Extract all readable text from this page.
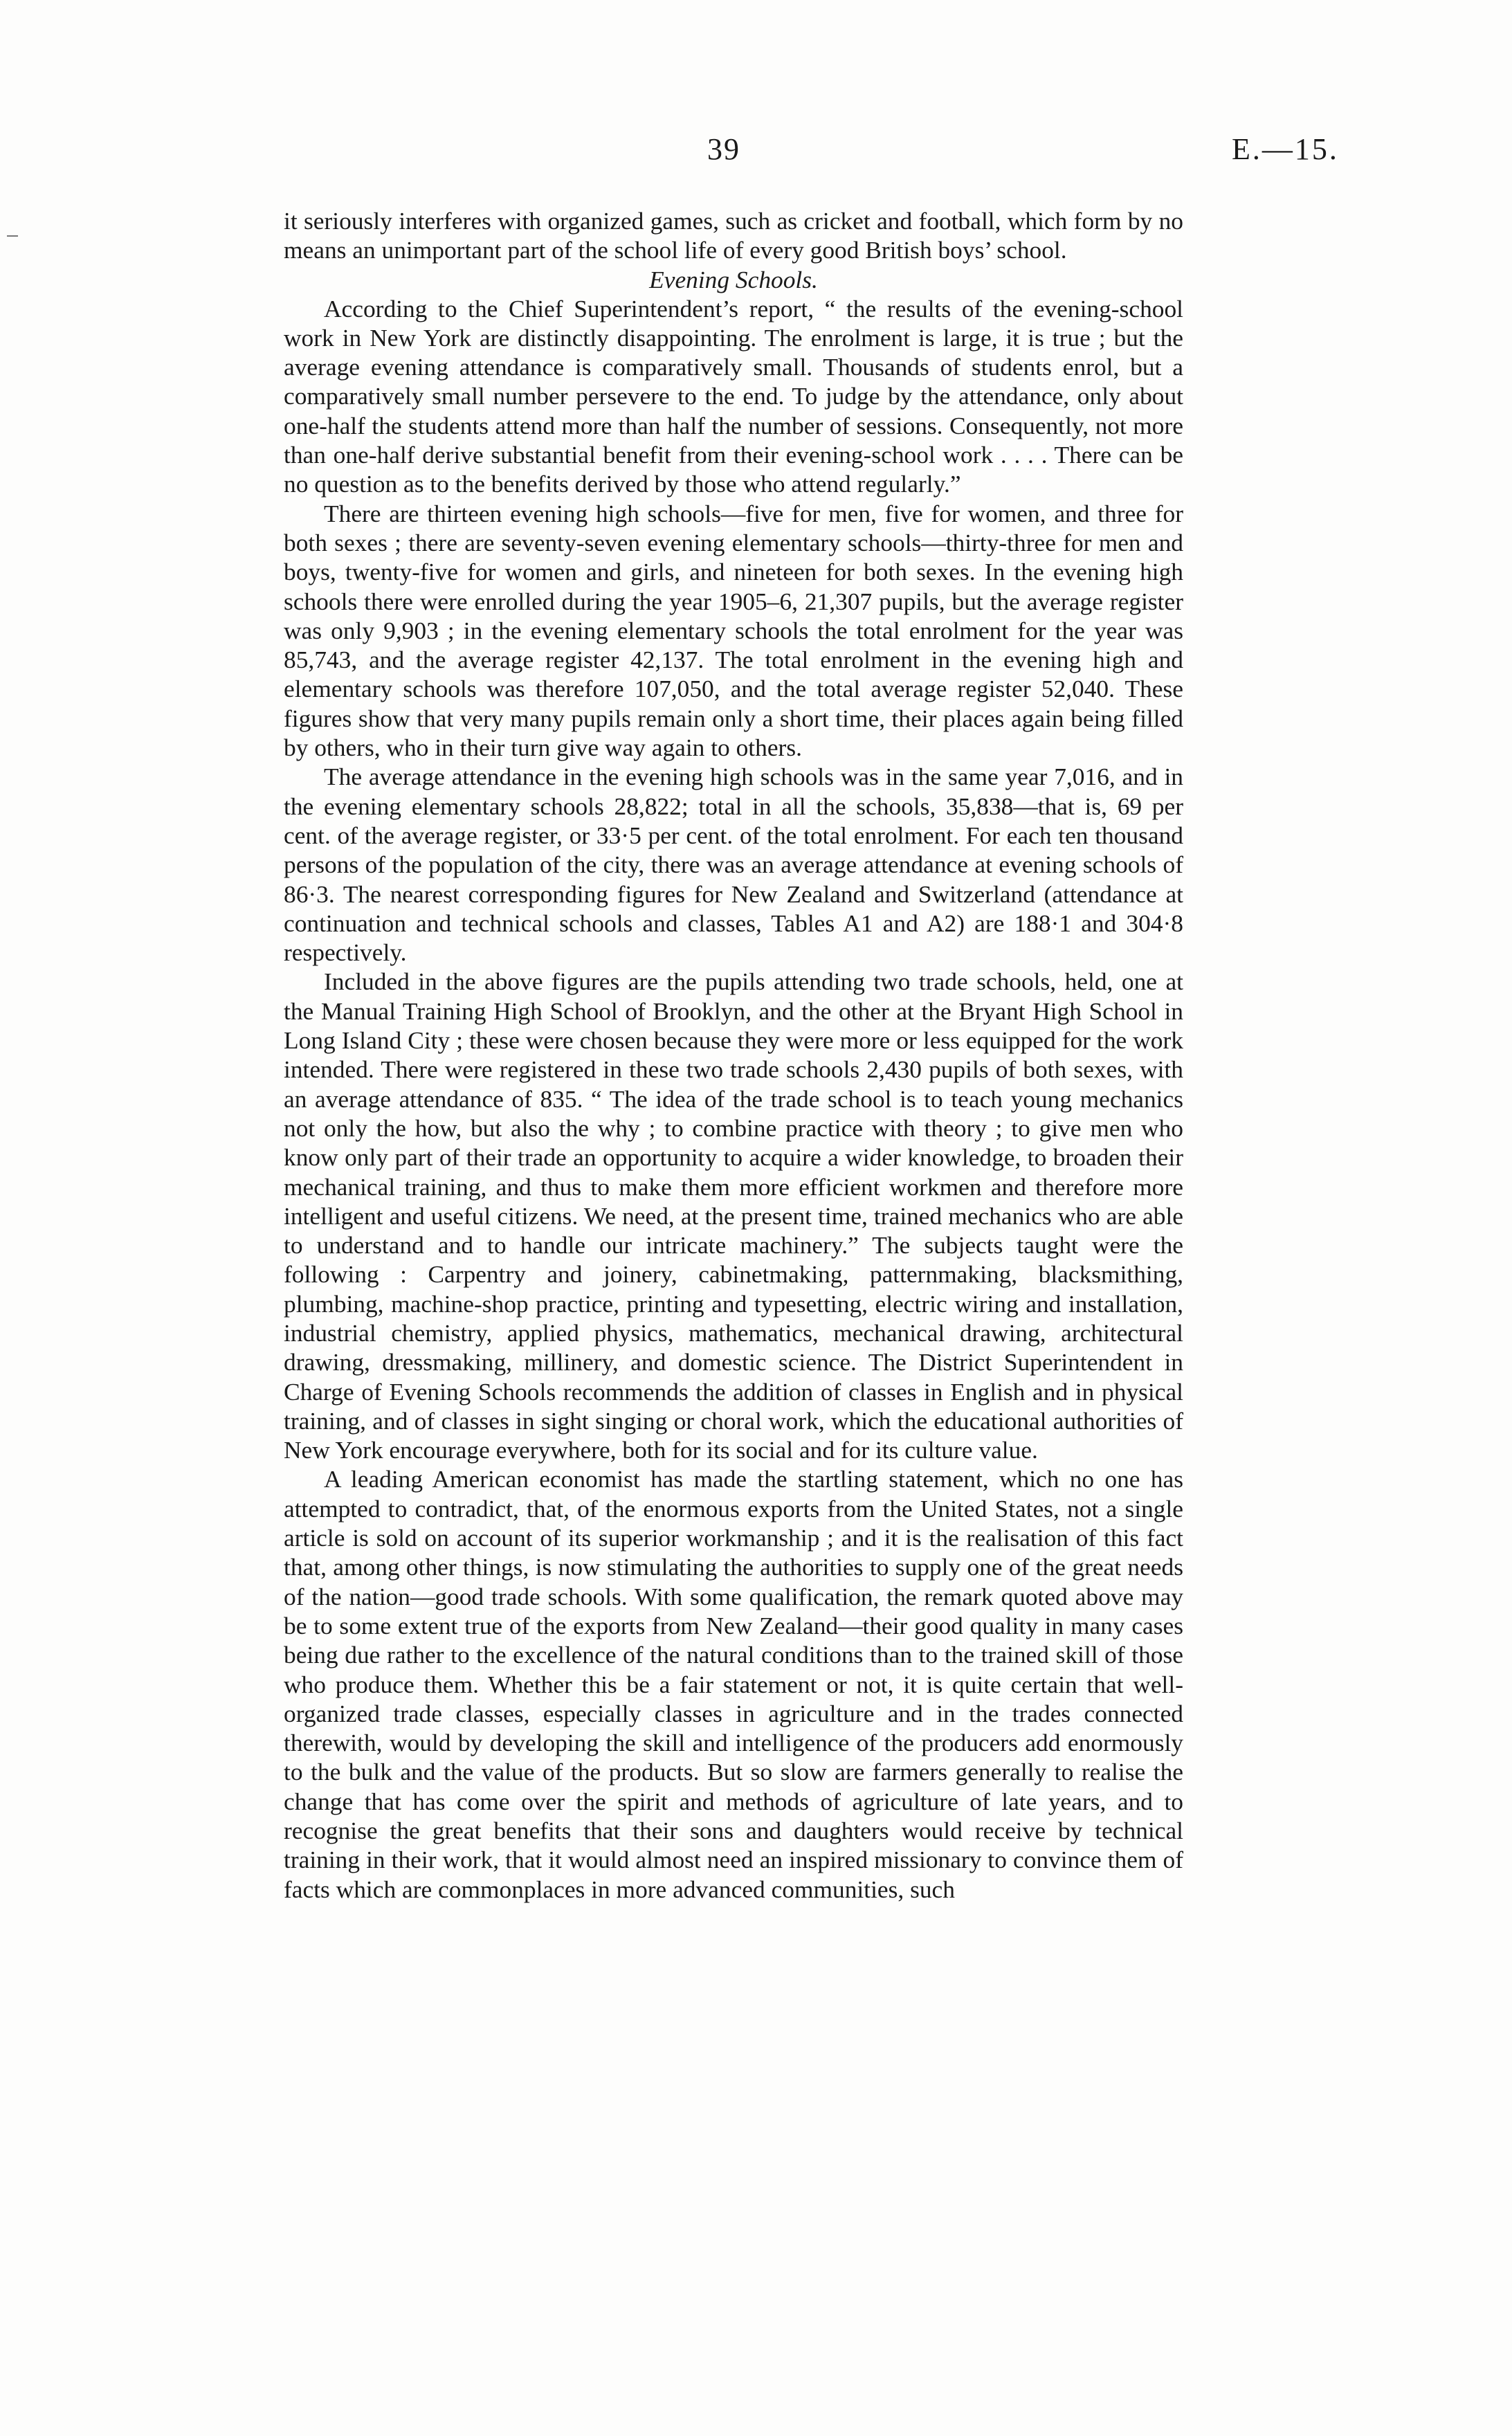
39	E.—15.

it seriously interferes with organized games, such as cricket and football, which form by no means an unimportant part of the school life of every good British boys’ school.

Evening Schools.

According to the Chief Superintendent’s report, “ the results of the evening-school work in New York are distinctly disappointing. The enrolment is large, it is true ; but the average evening attendance is comparatively small. Thousands of students enrol, but a comparatively small number persevere to the end. To judge by the attendance, only about one-half the students attend more than half the number of sessions. Consequently, not more than one-half derive substantial benefit from their evening-school work . . . . There can be no question as to the benefits derived by those who attend regularly.”

There are thirteen evening high schools—five for men, five for women, and three for both sexes ; there are seventy-seven evening elementary schools—thirty-three for men and boys, twenty-five for women and girls, and nineteen for both sexes. In the evening high schools there were enrolled during the year 1905–6, 21,307 pupils, but the average register was only 9,903 ; in the evening elementary schools the total enrolment for the year was 85,743, and the average register 42,137. The total enrolment in the evening high and elementary schools was therefore 107,050, and the total average register 52,040. These figures show that very many pupils remain only a short time, their places again being filled by others, who in their turn give way again to others.

The average attendance in the evening high schools was in the same year 7,016, and in the evening elementary schools 28,822; total in all the schools, 35,838—that is, 69 per cent. of the average register, or 33·5 per cent. of the total enrolment. For each ten thousand persons of the population of the city, there was an average attendance at evening schools of 86·3. The nearest corresponding figures for New Zealand and Switzerland (attendance at continuation and technical schools and classes, Tables A1 and A2) are 188·1 and 304·8 respectively.

Included in the above figures are the pupils attending two trade schools, held, one at the Manual Training High School of Brooklyn, and the other at the Bryant High School in Long Island City ; these were chosen because they were more or less equipped for the work intended. There were registered in these two trade schools 2,430 pupils of both sexes, with an average attendance of 835. “ The idea of the trade school is to teach young mechanics not only the how, but also the why ; to combine practice with theory ; to give men who know only part of their trade an opportunity to acquire a wider knowledge, to broaden their mechanical training, and thus to make them more efficient workmen and therefore more intelligent and useful citizens. We need, at the present time, trained mechanics who are able to understand and to handle our intricate machinery.” The subjects taught were the following : Carpentry and joinery, cabinetmaking, patternmaking, blacksmithing, plumbing, machine-shop practice, printing and typesetting, electric wiring and installation, industrial chemistry, applied physics, mathematics, mechanical drawing, architectural drawing, dressmaking, millinery, and domestic science. The District Superintendent in Charge of Evening Schools recommends the addition of classes in English and in physical training, and of classes in sight singing or choral work, which the educational authorities of New York encourage everywhere, both for its social and for its culture value.

A leading American economist has made the startling statement, which no one has attempted to contradict, that, of the enormous exports from the United States, not a single article is sold on account of its superior workmanship ; and it is the realisation of this fact that, among other things, is now stimulating the authorities to supply one of the great needs of the nation—good trade schools. With some qualification, the remark quoted above may be to some extent true of the exports from New Zealand—their good quality in many cases being due rather to the excellence of the natural conditions than to the trained skill of those who produce them. Whether this be a fair statement or not, it is quite certain that well-organized trade classes, especially classes in agriculture and in the trades connected therewith, would by developing the skill and intelligence of the producers add enormously to the bulk and the value of the products. But so slow are farmers generally to realise the change that has come over the spirit and methods of agriculture of late years, and to recognise the great benefits that their sons and daughters would receive by technical training in their work, that it would almost need an inspired missionary to convince them of facts which are commonplaces in more advanced communities, such
